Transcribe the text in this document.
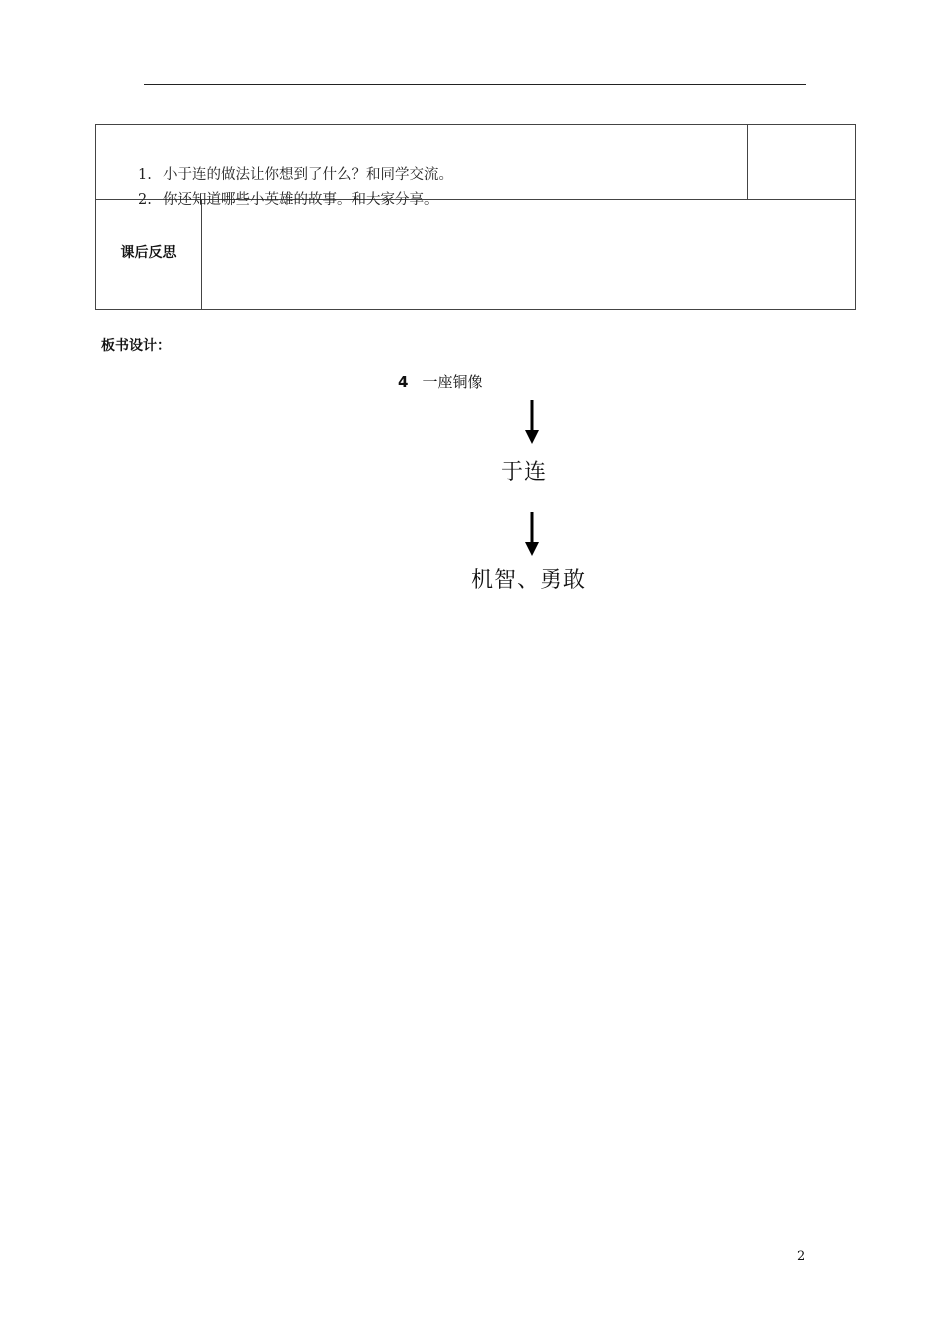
1. 小于连的做法让你想到了什么？和同学交流。
2. 你还知道哪些小英雄的故事。和大家分享。
课后反思
板书设计：
4 一座铜像
于连
机智、勇敢
2
